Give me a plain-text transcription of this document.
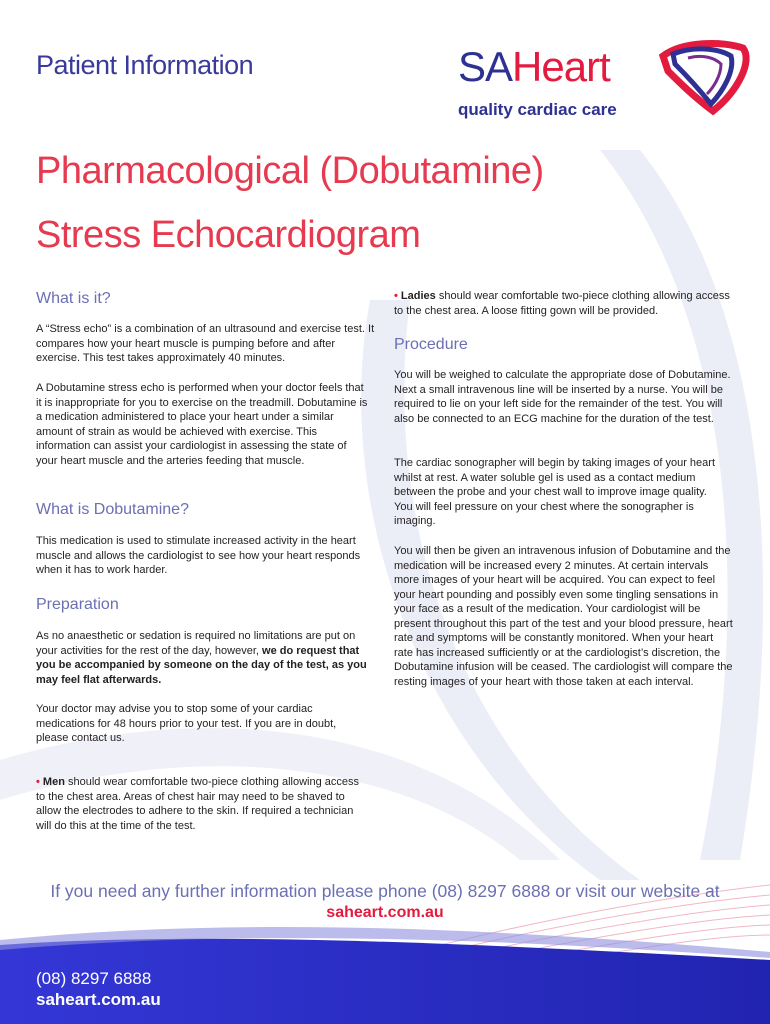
Patient Information	SAHeart
quality cardiac care
Pharmacological (Dobutamine)
Stress Echocardiogram
What is it?
A “Stress echo” is a combination of an ultrasound and exercise test. It compares how your heart muscle is pumping before and after exercise. This test takes approximately 40 minutes.
A Dobutamine stress echo is performed when your doctor feels that it is inappropriate for you to exercise on the treadmill. Dobutamine is a medication administered to place your heart under a similar amount of strain as would be achieved with exercise. This information can assist your cardiologist in assessing the state of your heart muscle and the arteries feeding that muscle.
What is Dobutamine?
This medication is used to stimulate increased activity in the heart muscle and allows the cardiologist to see how your heart responds when it has to work harder.
Preparation
As no anaesthetic or sedation is required no limitations are put on your activities for the rest of the day, however, we do request that you be accompanied by someone on the day of the test, as you may feel flat afterwards.
Your doctor may advise you to stop some of your cardiac medications for 48 hours prior to your test. If you are in doubt, please contact us.
• Men should wear comfortable two-piece clothing allowing access to the chest area. Areas of chest hair may need to be shaved to allow the electrodes to adhere to the skin. If required a technician will do this at the time of the test.
• Ladies should wear comfortable two-piece clothing allowing access to the chest area. A loose fitting gown will be provided.
Procedure
You will be weighed to calculate the appropriate dose of Dobutamine. Next a small intravenous line will be inserted by a nurse. You will be required to lie on your left side for the remainder of the test. You will also be connected to an ECG machine for the duration of the test.
The cardiac sonographer will begin by taking images of your heart whilst at rest. A water soluble gel is used as a contact medium between the probe and your chest wall to improve image quality. You will feel pressure on your chest where the sonographer is imaging.
You will then be given an intravenous infusion of Dobutamine and the medication will be increased every 2 minutes. At certain intervals more images of your heart will be acquired. You can expect to feel your heart pounding and possibly even some tingling sensations in your face as a result of the medication. Your cardiologist will be present throughout this part of the test and your blood pressure, heart rate and symptoms will be constantly monitored. When your heart rate has increased sufficiently or at the cardiologist’s discretion, the Dobutamine infusion will be ceased. The cardiologist will compare the resting images of your heart with those taken at each interval.
If you need any further information please phone (08) 8297 6888 or visit our website at
saheart.com.au
(08) 8297 6888
saheart.com.au
